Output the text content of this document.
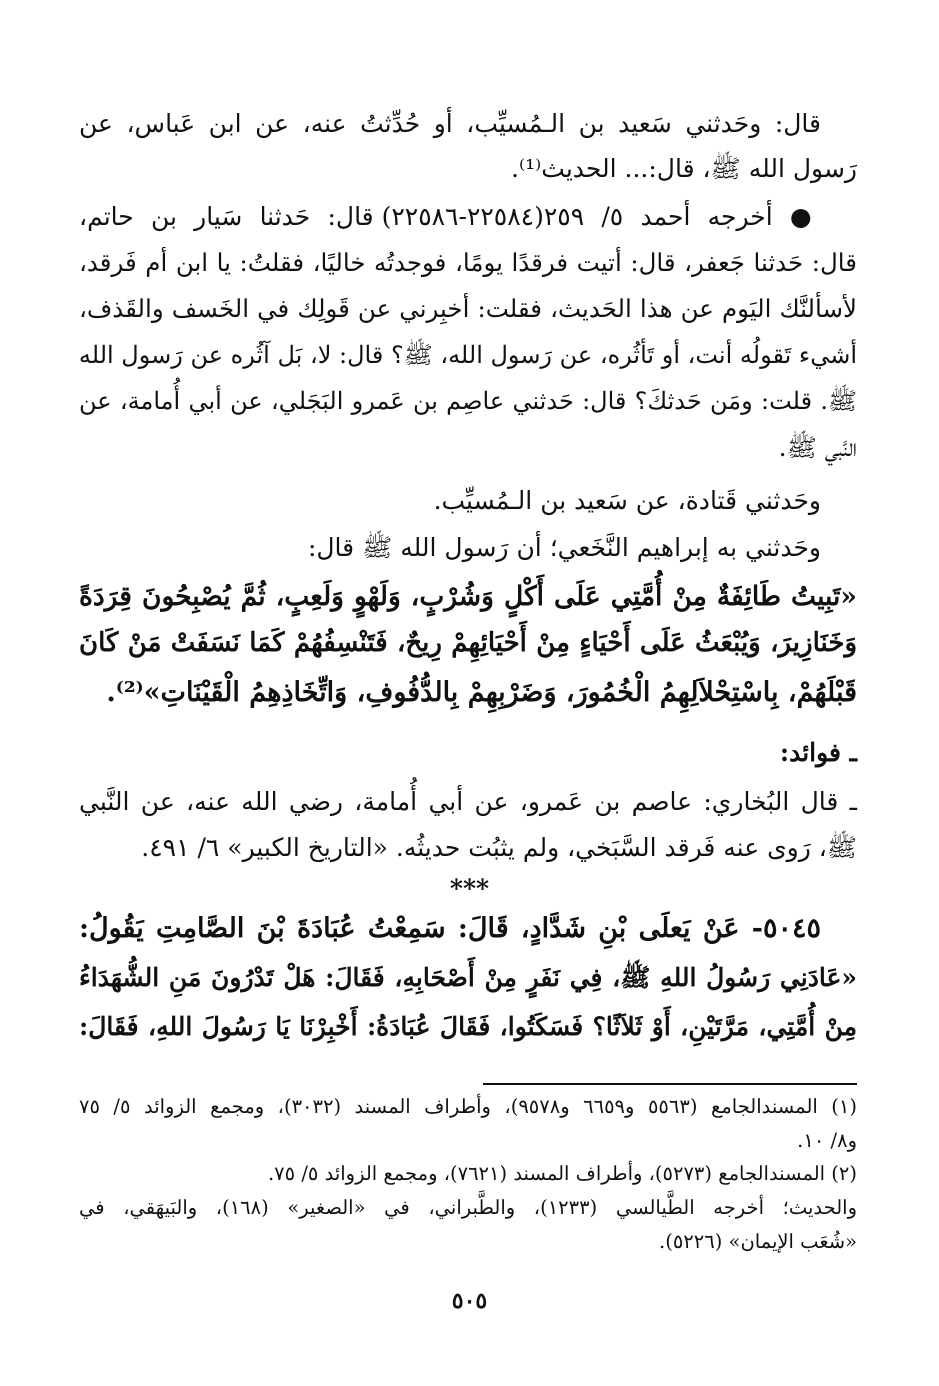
قال: وحَدثني سَعيد بن الـمُسيِّب، أو حُدِّثتُ عنه، عن ابن عَباس، عن
رَسول الله ﷺ، قال:... الحديث⁽¹⁾.
● أخرجه أحمد ٥/ ٢٥٩(٢٢٥٨٤-٢٢٥٨٦) قال: حَدثنا سَيار بن حاتم،
قال: حَدثنا جَعفر، قال: أتيت فرقدًا يومًا، فوجدتُه خاليًا، فقلتُ: يا ابن أم فَرقد،
لأسألنَّك اليَوم عن هذا الحَديث، فقلت: أخبِرني عن قَولِك في الخَسف والقَذف،
أشيء تَقولُه أنت، أو تَأثُره، عن رَسول الله، ﷺ؟ قال: لا، بَل آثُره عن رَسول الله
ﷺ. قلت: ومَن حَدثكَ؟ قال: حَدثني عاصِم بن عَمرو البَجَلي، عن أبي أُمامة، عن
النَّبي ﷺ.
وحَدثني قَتادة، عن سَعيد بن الـمُسيِّب.
وحَدثني به إبراهيم النَّخَعي؛ أن رَسول الله ﷺ قال:
«تَبِيتُ طَائِفَةٌ مِنْ أُمَّتِي عَلَى أَكْلٍ وَشُرْبٍ، وَلَهْوٍ وَلَعِبٍ، ثُمَّ يُصْبِحُونَ قِرَدَةً
وَخَنَازِيرَ، وَيُبْعَثُ عَلَى أَحْيَاءٍ مِنْ أَحْيَائِهِمْ رِيحٌ، فَتَنْسِفُهُمْ كَمَا نَسَفَتْ مَنْ كَانَ
قَبْلَهُمْ، بِاسْتِحْلاَلِهِمُ الْخُمُورَ، وَضَرْبِهِمْ بِالدُّفُوفِ، وَاتِّخَاذِهِمُ الْقَيْنَاتِ»⁽²⁾.
ـ فوائد:
ـ قال البُخاري: عاصم بن عَمرو، عن أبي أُمامة، رضي الله عنه، عن النَّبي
ﷺ، رَوى عنه فَرقد السَّبَخي، ولم يثبُت حديثُه. «التاريخ الكبير» ٦/ ٤٩١.
***
٥٠٤٥- عَنْ يَعلَى بْنِ شَدَّادٍ، قَالَ: سَمِعْتُ عُبَادَةَ بْنَ الصَّامِتِ يَقُولُ:
«عَادَنِي رَسُولُ اللهِ ﷺ، فِي نَفَرٍ مِنْ أَصْحَابِهِ، فَقَالَ: هَلْ تَدْرُونَ مَنِ الشُّهَدَاءُ
مِنْ أُمَّتِي، مَرَّتَيْنِ، أَوْ ثَلاَثًا؟ فَسَكَتُوا، فَقَالَ عُبَادَةُ: أَخْبِرْنَا يَا رَسُولَ اللهِ، فَقَالَ:
(١) المسندالجامع (٥٥٦٣ و٦٦٥٩ و٩٥٧٨)، وأطراف المسند (٣٠٣٢)، ومجمع الزوائد ٥/ ٧٥
و٨/ ١٠.
(٢) المسندالجامع (٥٢٧٣)، وأطراف المسند (٧٦٢١)، ومجمع الزوائد ٥/ ٧٥.
والحديث؛ أخرجه الطَّيالسي (١٢٣٣)، والطَّبراني، في «الصغير» (١٦٨)، والبَيهَقي، في
«شُعَب الإيمان» (٥٢٢٦).
٥٠٥
